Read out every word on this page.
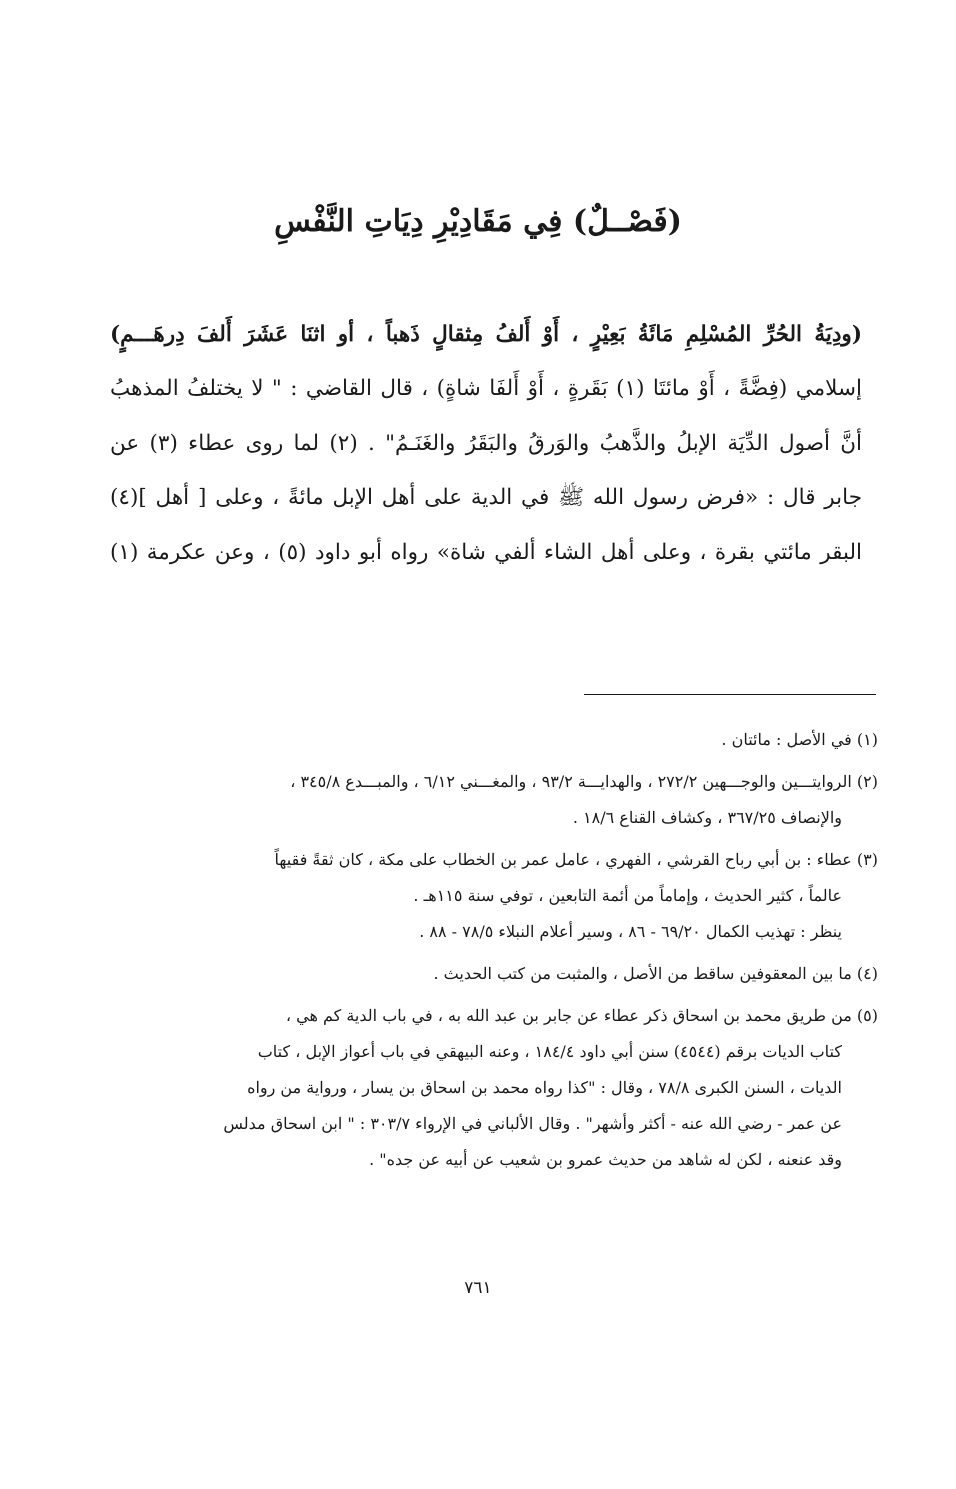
(فَصْــلٌ) فِي مَقَادِيْرِ دِيَاتِ النَّفْسِ
(ودِيَةُ الحُرِّ المُسْلِمِ مَائَةُ بَعِيْرٍ ، أَوْ أَلفُ مِثقالٍ ذَهباً ، أو اثنَا عَشَرَ أَلفَ دِرهَـــمٍ)
إسلامي (فِضَّةً ، أَوْ مائتَا (١) بَقَرةٍ ، أَوْ أَلفَا شاةٍ) ، قال القاضي : " لا يختلفُ المذهبُ
أنَّ أصول الدِّيَة الإبلُ والذَّهبُ والوَرقُ والبَقَرُ والغَنَـمُ" . (٢) لما روى عطاء (٣) عن
جابر قال : «فرض رسول الله ﷺ في الدية على أهل الإبل مائةً ، وعلى [ أهل ](٤)
البقر مائتي بقرة ، وعلى أهل الشاء ألفي شاة» رواه أبو داود (٥) ، وعن عكرمة (١)
(١) في الأصل : مائتان .
(٢) الروايتـــين والوجـــهين ٢٧٢/٢ ، والهدايـــة ٩٣/٢ ، والمغـــني ٦/١٢ ، والمبـــدع ٣٤٥/٨ ،
والإنصاف ٣٦٧/٢٥ ، وكشاف القناع ١٨/٦ .
(٣) عطاء : بن أبي رباح القرشي ، الفهري ، عامل عمر بن الخطاب على مكة ، كان ثقةً فقيهاً
عالماً ، كثير الحديث ، وإماماً من أئمة التابعين ، توفي سنة ١١٥هـ .
ينظر : تهذيب الكمال ٦٩/٢٠ - ٨٦ ، وسير أعلام النبلاء ٧٨/٥ - ٨٨ .
(٤) ما بين المعقوفين ساقط من الأصل ، والمثبت من كتب الحديث .
(٥) من طريق محمد بن اسحاق ذكر عطاء عن جابر بن عبد الله به ، في باب الدية كم هي ،
كتاب الديات برقم (٤٥٤٤) سنن أبي داود ١٨٤/٤ ، وعنه البيهقي في باب أعواز الإبل ، كتاب
الديات ، السنن الكبرى ٧٨/٨ ، وقال : "كذا رواه محمد بن اسحاق بن يسار ، ورواية من رواه
عن عمر - رضي الله عنه - أكثر وأشهر" . وقال الألباني في الإرواء ٣٠٣/٧ : " ابن اسحاق مدلس
وقد عنعنه ، لكن له شاهد من حديث عمرو بن شعيب عن أبيه عن جده" .
٧٦١
